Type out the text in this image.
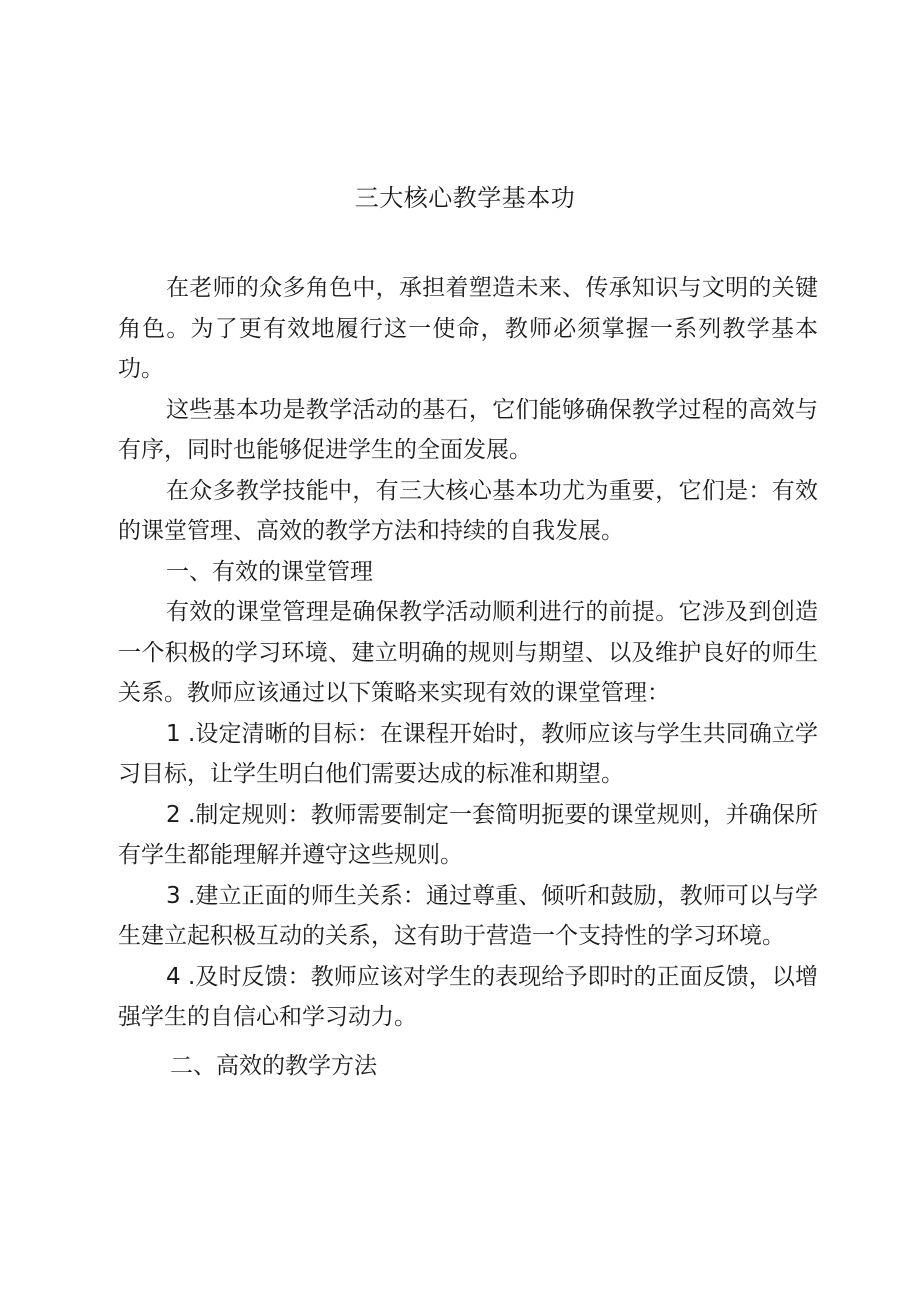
三大核心教学基本功

在老师的众多角色中，承担着塑造未来、传承知识与文明的关键角色。为了更有效地履行这一使命，教师必须掌握一系列教学基本功。

这些基本功是教学活动的基石，它们能够确保教学过程的高效与有序，同时也能够促进学生的全面发展。

在众多教学技能中，有三大核心基本功尤为重要，它们是：有效的课堂管理、高效的教学方法和持续的自我发展。

一、有效的课堂管理

有效的课堂管理是确保教学活动顺利进行的前提。它涉及到创造一个积极的学习环境、建立明确的规则与期望、以及维护良好的师生关系。教师应该通过以下策略来实现有效的课堂管理：

1 .设定清晰的目标：在课程开始时，教师应该与学生共同确立学习目标，让学生明白他们需要达成的标准和期望。

2 .制定规则：教师需要制定一套简明扼要的课堂规则，并确保所有学生都能理解并遵守这些规则。

3 .建立正面的师生关系：通过尊重、倾听和鼓励，教师可以与学生建立起积极互动的关系，这有助于营造一个支持性的学习环境。

4 .及时反馈：教师应该对学生的表现给予即时的正面反馈，以增强学生的自信心和学习动力。

二、高效的教学方法
